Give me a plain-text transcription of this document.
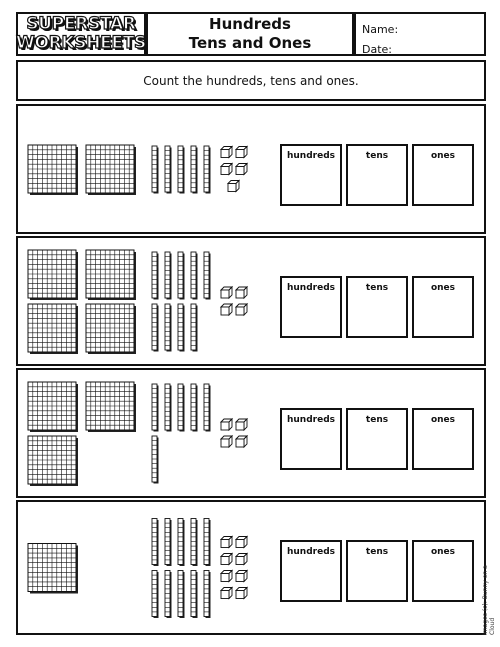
SUPERSTAR
WORKSHEETS
Hundreds
Tens and Ones
Name:
Date:
Count the hundreds, tens and ones.
hundreds	tens	ones
hundreds	tens	ones
hundreds	tens	ones
hundreds	tens	ones
Images (c): Bunny on a Cloud
